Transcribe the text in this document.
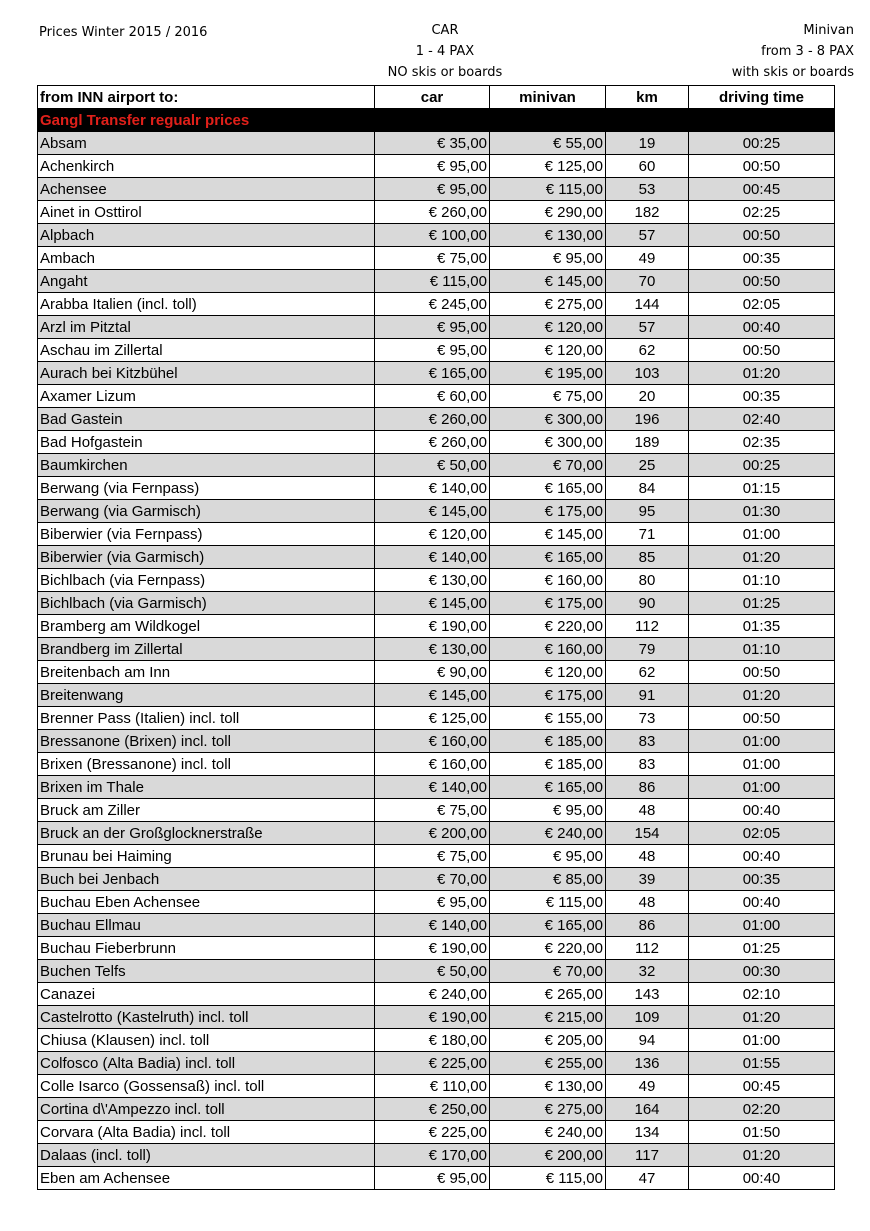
Prices Winter 2015 / 2016	CAR
1 - 4 PAX
NO skis or boards
Minivan
from 3 - 8 PAX
with skis or boards
from INN airport to:	car	minivan	km	driving time
Gangl Transfer regualr prices				
Absam	€ 35,00	€ 55,00	19	00:25
Achenkirch	€ 95,00	€ 125,00	60	00:50
Achensee	€ 95,00	€ 115,00	53	00:45
Ainet in Osttirol	€ 260,00	€ 290,00	182	02:25
Alpbach	€ 100,00	€ 130,00	57	00:50
Ambach	€ 75,00	€ 95,00	49	00:35
Angaht	€ 115,00	€ 145,00	70	00:50
Arabba Italien (incl. toll)	€ 245,00	€ 275,00	144	02:05
Arzl im Pitztal	€ 95,00	€ 120,00	57	00:40
Aschau im Zillertal	€ 95,00	€ 120,00	62	00:50
Aurach bei Kitzbühel	€ 165,00	€ 195,00	103	01:20
Axamer Lizum	€ 60,00	€ 75,00	20	00:35
Bad Gastein	€ 260,00	€ 300,00	196	02:40
Bad Hofgastein	€ 260,00	€ 300,00	189	02:35
Baumkirchen	€ 50,00	€ 70,00	25	00:25
Berwang (via Fernpass)	€ 140,00	€ 165,00	84	01:15
Berwang (via Garmisch)	€ 145,00	€ 175,00	95	01:30
Biberwier (via Fernpass)	€ 120,00	€ 145,00	71	01:00
Biberwier (via Garmisch)	€ 140,00	€ 165,00	85	01:20
Bichlbach (via Fernpass)	€ 130,00	€ 160,00	80	01:10
Bichlbach (via Garmisch)	€ 145,00	€ 175,00	90	01:25
Bramberg am Wildkogel	€ 190,00	€ 220,00	112	01:35
Brandberg im Zillertal	€ 130,00	€ 160,00	79	01:10
Breitenbach am Inn	€ 90,00	€ 120,00	62	00:50
Breitenwang	€ 145,00	€ 175,00	91	01:20
Brenner Pass (Italien) incl. toll	€ 125,00	€ 155,00	73	00:50
Bressanone (Brixen) incl. toll	€ 160,00	€ 185,00	83	01:00
Brixen (Bressanone) incl. toll	€ 160,00	€ 185,00	83	01:00
Brixen im Thale	€ 140,00	€ 165,00	86	01:00
Bruck am Ziller	€ 75,00	€ 95,00	48	00:40
Bruck an der Großglocknerstraße	€ 200,00	€ 240,00	154	02:05
Brunau bei Haiming	€ 75,00	€ 95,00	48	00:40
Buch bei Jenbach	€ 70,00	€ 85,00	39	00:35
Buchau Eben Achensee	€ 95,00	€ 115,00	48	00:40
Buchau Ellmau	€ 140,00	€ 165,00	86	01:00
Buchau Fieberbrunn	€ 190,00	€ 220,00	112	01:25
Buchen Telfs	€ 50,00	€ 70,00	32	00:30
Canazei	€ 240,00	€ 265,00	143	02:10
Castelrotto (Kastelruth) incl. toll	€ 190,00	€ 215,00	109	01:20
Chiusa (Klausen) incl. toll	€ 180,00	€ 205,00	94	01:00
Colfosco (Alta Badia) incl. toll	€ 225,00	€ 255,00	136	01:55
Colle Isarco (Gossensaß) incl. toll	€ 110,00	€ 130,00	49	00:45
Cortina d\'Ampezzo incl. toll	€ 250,00	€ 275,00	164	02:20
Corvara (Alta Badia) incl. toll	€ 225,00	€ 240,00	134	01:50
Dalaas (incl. toll)	€ 170,00	€ 200,00	117	01:20
Eben am Achensee	€ 95,00	€ 115,00	47	00:40
